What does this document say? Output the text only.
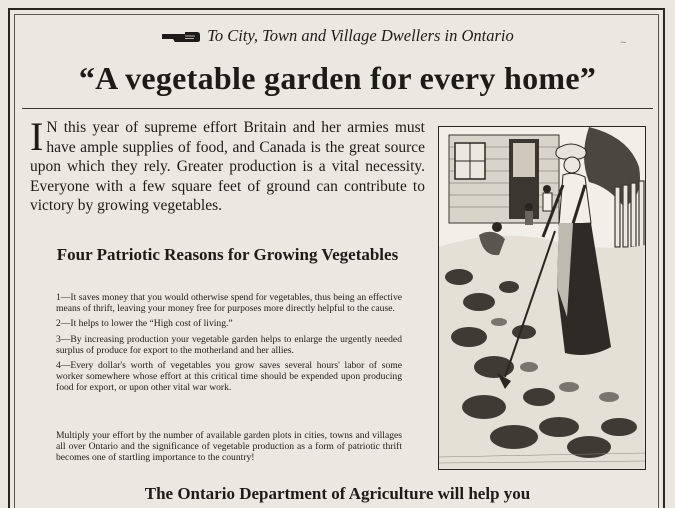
To City, Town and Village Dwellers in Ontario	~
“A vegetable garden for every home”
I N this year of supreme effort Britain and her armies must have ample supplies of food, and Canada is the great source upon which they rely. Greater production is a vital necessity. Everyone with a few square feet of ground can contribute to victory by growing vegetables.
Four Patriotic Reasons for Growing Vegetables

1—It saves money that you would otherwise spend for vegetables, thus being an effective means of thrift, leaving your money free for purposes more directly helpful to the cause.

2—It helps to lower the “High cost of living.”

3—By increasing production your vegetable garden helps to enlarge the urgently needed surplus of produce for export to the motherland and her allies.

4—Every dollar's worth of vegetables you grow saves several hours' labor of some worker somewhere whose effort at this critical time should be expended upon producing food for export, or upon other vital war work.

Multiply your effort by the number of available garden plots in cities, towns and villages all over Ontario and the significance of vegetable production as a form of patriotic thrift becomes one of startling importance to the country!
The Ontario Department of Agriculture will help you
